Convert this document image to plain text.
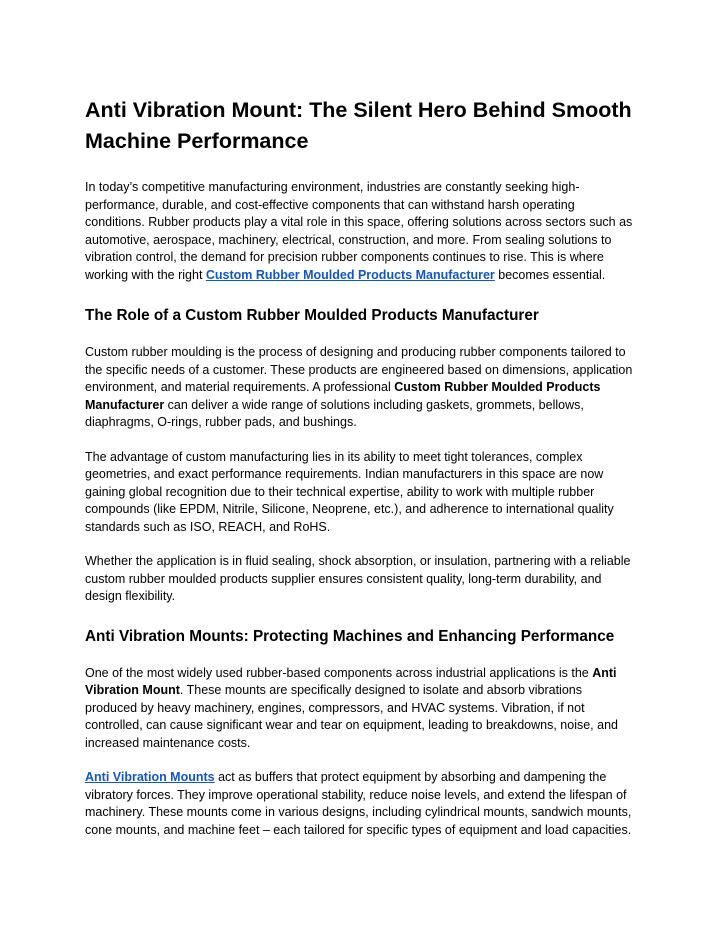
Anti Vibration Mount: The Silent Hero Behind Smooth Machine Performance

In today’s competitive manufacturing environment, industries are constantly seeking high-performance, durable, and cost-effective components that can withstand harsh operating conditions. Rubber products play a vital role in this space, offering solutions across sectors such as automotive, aerospace, machinery, electrical, construction, and more. From sealing solutions to vibration control, the demand for precision rubber components continues to rise. This is where working with the right Custom Rubber Moulded Products Manufacturer becomes essential.

The Role of a Custom Rubber Moulded Products Manufacturer

Custom rubber moulding is the process of designing and producing rubber components tailored to the specific needs of a customer. These products are engineered based on dimensions, application environment, and material requirements. A professional Custom Rubber Moulded Products Manufacturer can deliver a wide range of solutions including gaskets, grommets, bellows, diaphragms, O-rings, rubber pads, and bushings.

The advantage of custom manufacturing lies in its ability to meet tight tolerances, complex geometries, and exact performance requirements. Indian manufacturers in this space are now gaining global recognition due to their technical expertise, ability to work with multiple rubber compounds (like EPDM, Nitrile, Silicone, Neoprene, etc.), and adherence to international quality standards such as ISO, REACH, and RoHS.

Whether the application is in fluid sealing, shock absorption, or insulation, partnering with a reliable custom rubber moulded products supplier ensures consistent quality, long-term durability, and design flexibility.

Anti Vibration Mounts: Protecting Machines and Enhancing Performance

One of the most widely used rubber-based components across industrial applications is the Anti Vibration Mount. These mounts are specifically designed to isolate and absorb vibrations produced by heavy machinery, engines, compressors, and HVAC systems. Vibration, if not controlled, can cause significant wear and tear on equipment, leading to breakdowns, noise, and increased maintenance costs.

Anti Vibration Mounts act as buffers that protect equipment by absorbing and dampening the vibratory forces. They improve operational stability, reduce noise levels, and extend the lifespan of machinery. These mounts come in various designs, including cylindrical mounts, sandwich mounts, cone mounts, and machine feet – each tailored for specific types of equipment and load capacities.
